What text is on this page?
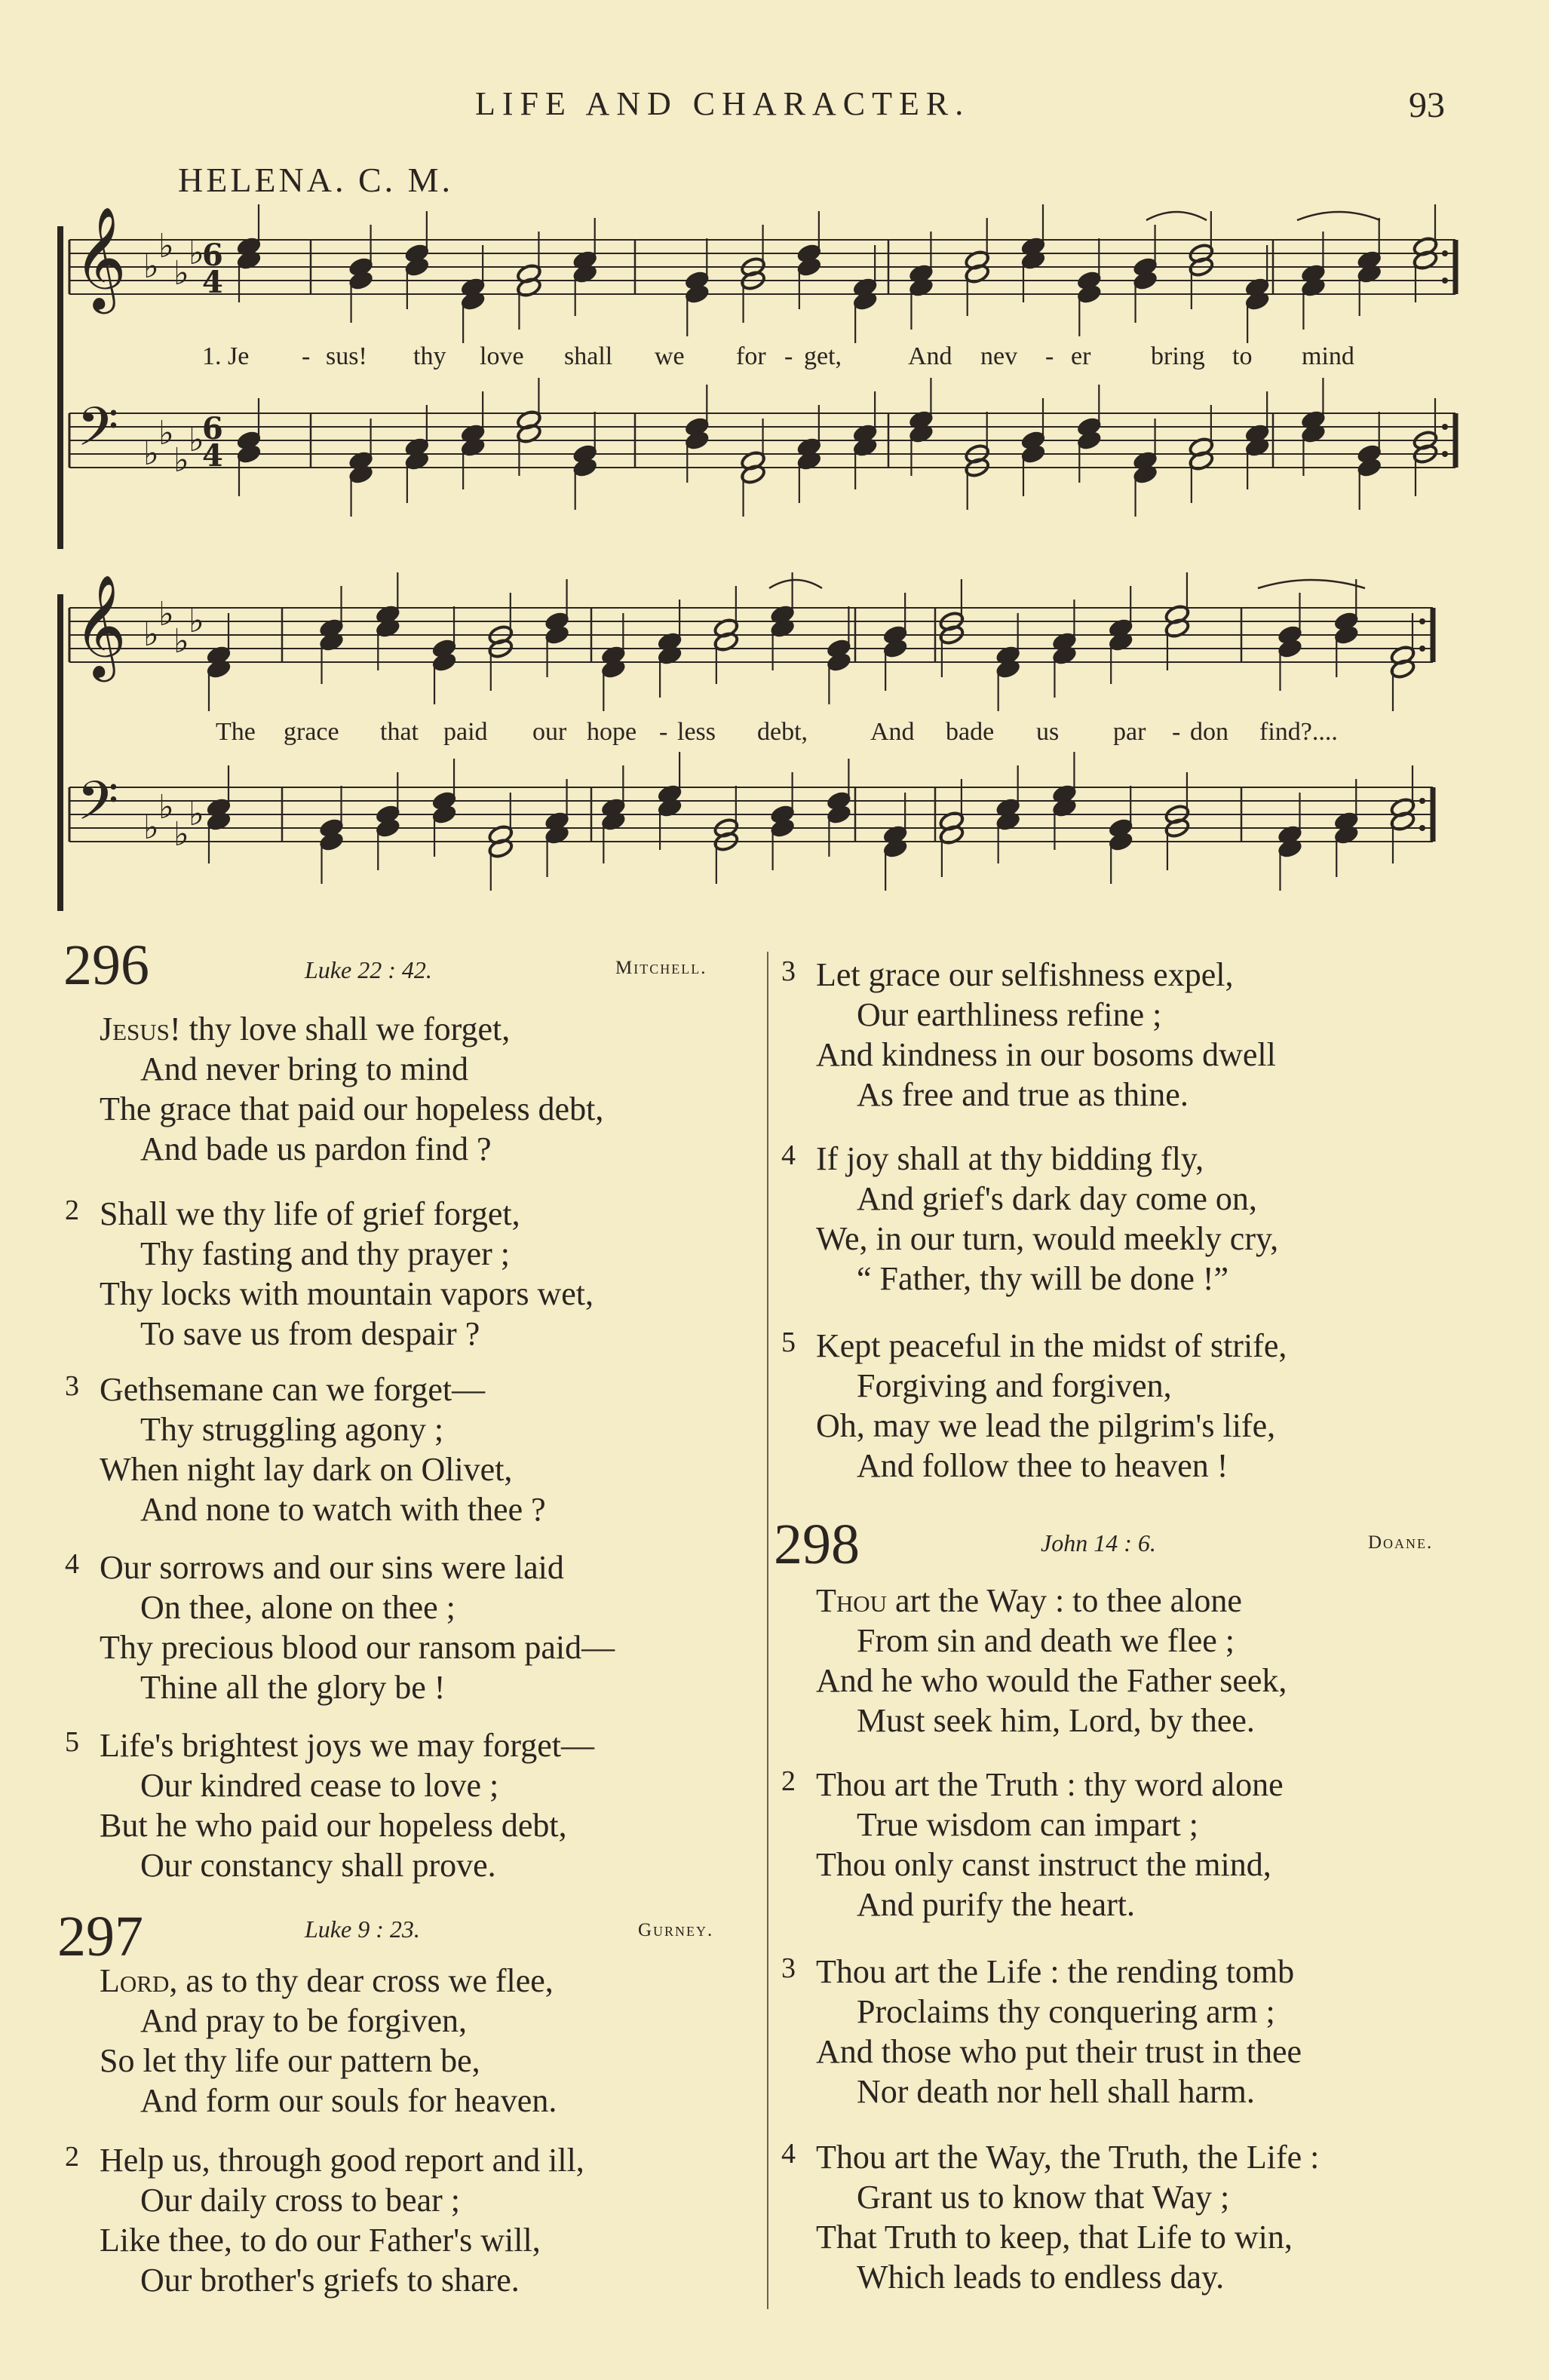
LIFE AND CHARACTER.	93
HELENA. C. M.
𝄞 ♭
♭
♭
♭
6
4
𝄢 ♭
♭
♭
♭
6
4
𝄞 ♭
♭
♭
♭
𝄢 ♭
♭
♭
♭
1. Je - sus! thy love shall we for - get,	And nev - er bring to mind
The grace that paid our hope - less debt, And bade us par - don find?....
296	Luke 22 : 42.	Mitchell.
Jesus! thy love shall we forget,
And never bring to mind
The grace that paid our hopeless debt,
And bade us pardon find ?
2 Shall we thy life of grief forget,
Thy fasting and thy prayer ;
Thy locks with mountain vapors wet,
To save us from despair ?
3 Gethsemane can we forget—
Thy struggling agony ;
When night lay dark on Olivet,
And none to watch with thee ?
4 Our sorrows and our sins were laid
On thee, alone on thee ;
Thy precious blood our ransom paid—
Thine all the glory be !
5 Life's brightest joys we may forget—
Our kindred cease to love ;
But he who paid our hopeless debt,
Our constancy shall prove.
297	Luke 9 : 23.	Gurney.
Lord, as to thy dear cross we flee,
And pray to be forgiven,
So let thy life our pattern be,
And form our souls for heaven.
2 Help us, through good report and ill,
Our daily cross to bear ;
Like thee, to do our Father's will,
Our brother's griefs to share.
3 Let grace our selfishness expel,
Our earthliness refine ;
And kindness in our bosoms dwell
As free and true as thine.
4 If joy shall at thy bidding fly,
And grief's dark day come on,
We, in our turn, would meekly cry,
“ Father, thy will be done !”
5 Kept peaceful in the midst of strife,
Forgiving and forgiven,
Oh, may we lead the pilgrim's life,
And follow thee to heaven !
298	John 14 : 6.	Doane.
Thou art the Way : to thee alone
From sin and death we flee ;
And he who would the Father seek,
Must seek him, Lord, by thee.
2 Thou art the Truth : thy word alone
True wisdom can impart ;
Thou only canst instruct the mind,
And purify the heart.
3 Thou art the Life : the rending tomb
Proclaims thy conquering arm ;
And those who put their trust in thee
Nor death nor hell shall harm.
4 Thou art the Way, the Truth, the Life :
Grant us to know that Way ;
That Truth to keep, that Life to win,
Which leads to endless day.
